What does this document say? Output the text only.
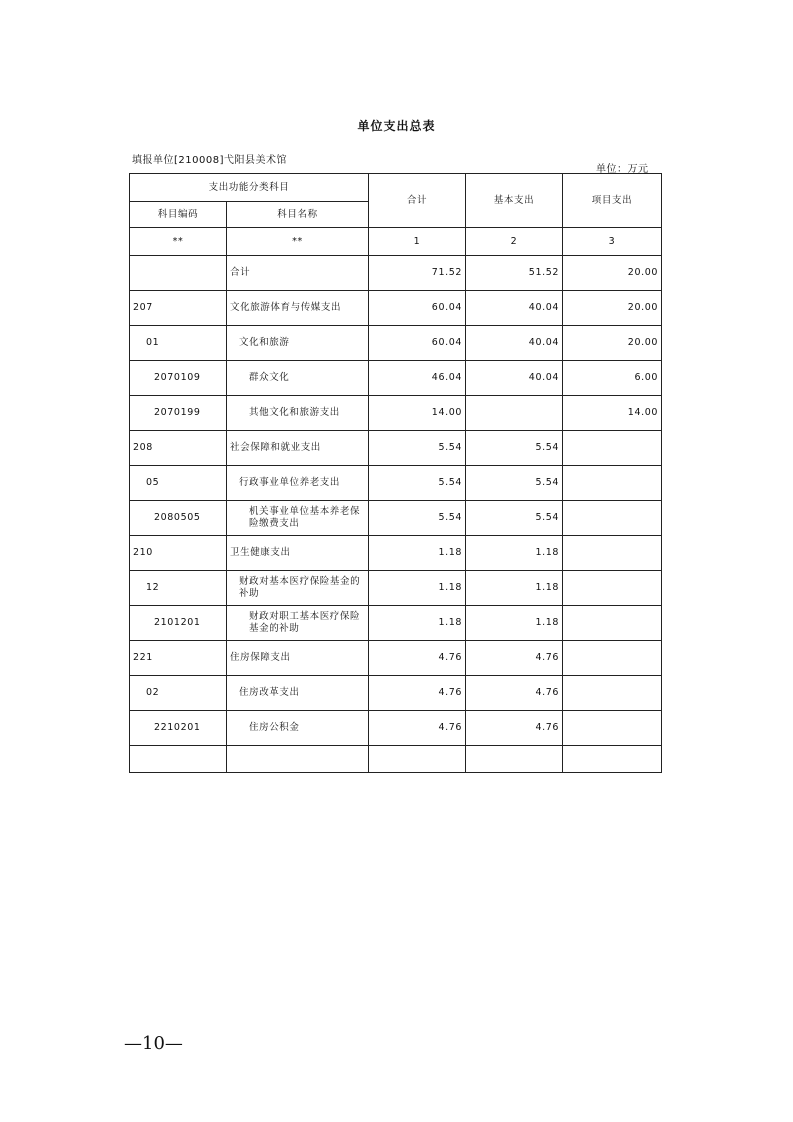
单位支出总表
填报单位[210008]弋阳县美术馆
单位：万元
支出功能分类科目		合计	基本支出	项目支出
科目编码	科目名称			
**	**	1	2	3
	合计	71.52	51.52	20.00
207	文化旅游体育与传媒支出	60.04	40.04	20.00
01	文化和旅游	60.04	40.04	20.00
2070109	群众文化	46.04	40.04	6.00
2070199	其他文化和旅游支出	14.00		14.00
208	社会保障和就业支出	5.54	5.54	
05	行政事业单位养老支出	5.54	5.54	
2080505	机关事业单位基本养老保险缴费支出	5.54	5.54	
210	卫生健康支出	1.18	1.18	
12	财政对基本医疗保险基金的补助	1.18	1.18	
2101201	财政对职工基本医疗保险基金的补助	1.18	1.18	
221	住房保障支出	4.76	4.76	
02	住房改革支出	4.76	4.76	
2210201	住房公积金	4.76	4.76	

—10—
